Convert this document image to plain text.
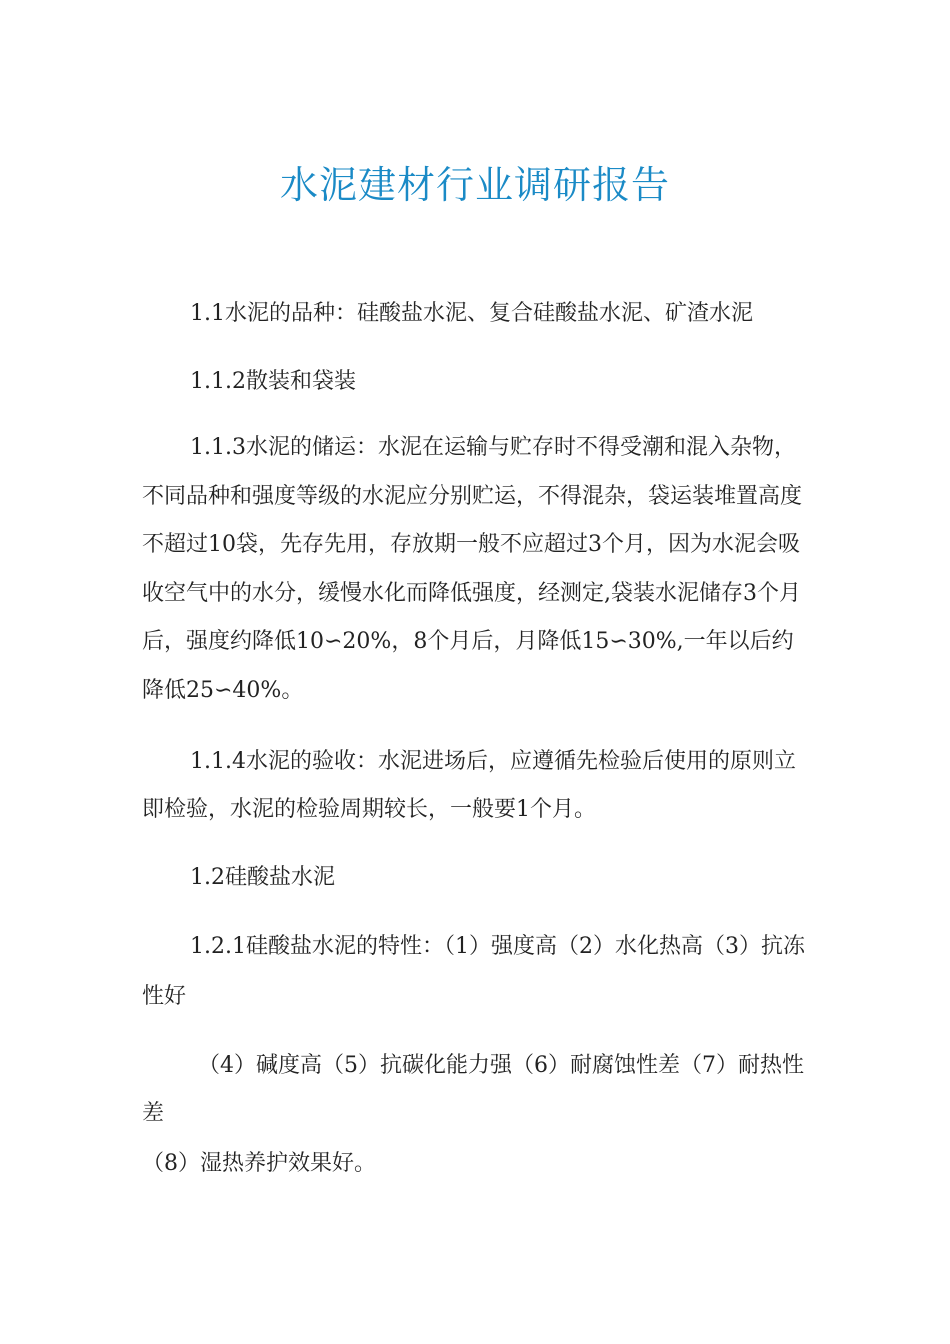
水泥建材行业调研报告

1.1水泥的品种：硅酸盐水泥、复合硅酸盐水泥、矿渣水泥

1.1.2散装和袋装

1.1.3水泥的储运：水泥在运输与贮存时不得受潮和混入杂物，不同品种和强度等级的水泥应分别贮运，不得混杂，袋运装堆置高度不超过10袋，先存先用，存放期一般不应超过3个月，因为水泥会吸收空气中的水分，缓慢水化而降低强度，经测定,袋装水泥储存3个月后，强度约降低10∽20%，8个月后，月降低15∽30%,一年以后约降低25∽40%。

1.1.4水泥的验收：水泥进场后，应遵循先检验后使用的原则立即检验，水泥的检验周期较长，一般要1个月。

1.2硅酸盐水泥

1.2.1硅酸盐水泥的特性：（1）强度高（2）水化热高（3）抗冻性好

（4）碱度高（5）抗碳化能力强（6）耐腐蚀性差（7）耐热性差

（8）湿热养护效果好。
